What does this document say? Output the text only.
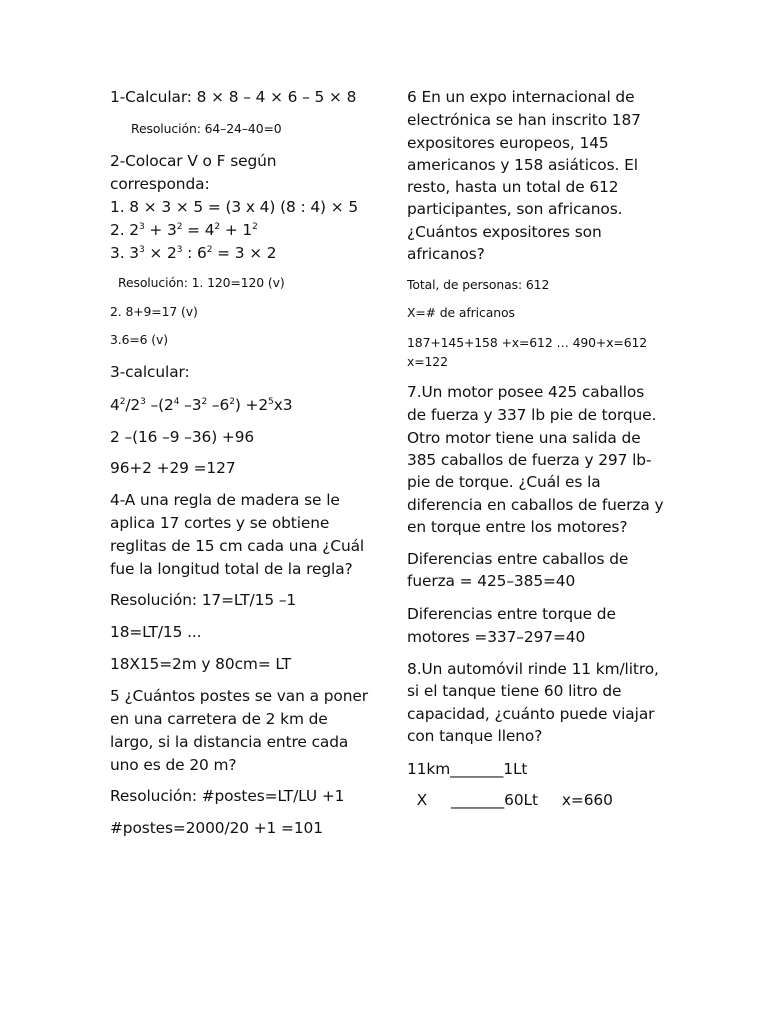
1-Calcular: 8 × 8 – 4 × 6 – 5 × 8
Resolución: 64–24–40=0
2-Colocar V o F según
corresponda:
1. 8 × 3 × 5 = (3 x 4) (8 : 4) × 5
2. $2^3 + 3^2 = 4^2 + 1^2$
3. $3^3 \times 2^3$ : $6^2 = 3 \times 2$
Resolución: 1. 120=120 (v)
2. 8+9=17 (v)
3.6=6 (v)
3-calcular:
$4^2/2^3$ $-(2^4$ $-3^2$ $-6^2) +2^5x3$
2 –(16 –9 –36) +96
96+2 +29 =127
4-A una regla de madera se le
aplica 17 cortes y se obtiene
reglitas de 15 cm cada una ¿Cuál
fue la longitud total de la regla?
Resolución: 17=LT/15 –1
18=LT/15 ...
18X15=2m y 80cm= LT
5 ¿Cuántos postes se van a poner
en una carretera de 2 km de
largo, si la distancia entre cada
uno es de 20 m?
Resolución: #postes=LT/LU +1
#postes=2000/20 +1 =101
6 En un expo internacional de
electrónica se han inscrito 187
expositores europeos, 145
americanos y 158 asiáticos. El
resto, hasta un total de 612
participantes, son africanos.
¿Cuántos expositores son
africanos?
Total, de personas: 612
X=# de africanos
187+145+158 +x=612 … 490+x=612
x=122
7.Un motor posee 425 caballos
de fuerza y 337 lb pie de torque.
Otro motor tiene una salida de
385 caballos de fuerza y 297 lb-
pie de torque. ¿Cuál es la
diferencia en caballos de fuerza y
en torque entre los motores?
Diferencias entre caballos de
fuerza = 425–385=40
Diferencias entre torque de
motores =337–297=40
8.Un automóvil rinde 11 km/litro,
si el tanque tiene 60 litro de
capacidad, ¿cuánto puede viajar
con tanque lleno?
11km_______1Lt
X     _______60Lt     x=660
